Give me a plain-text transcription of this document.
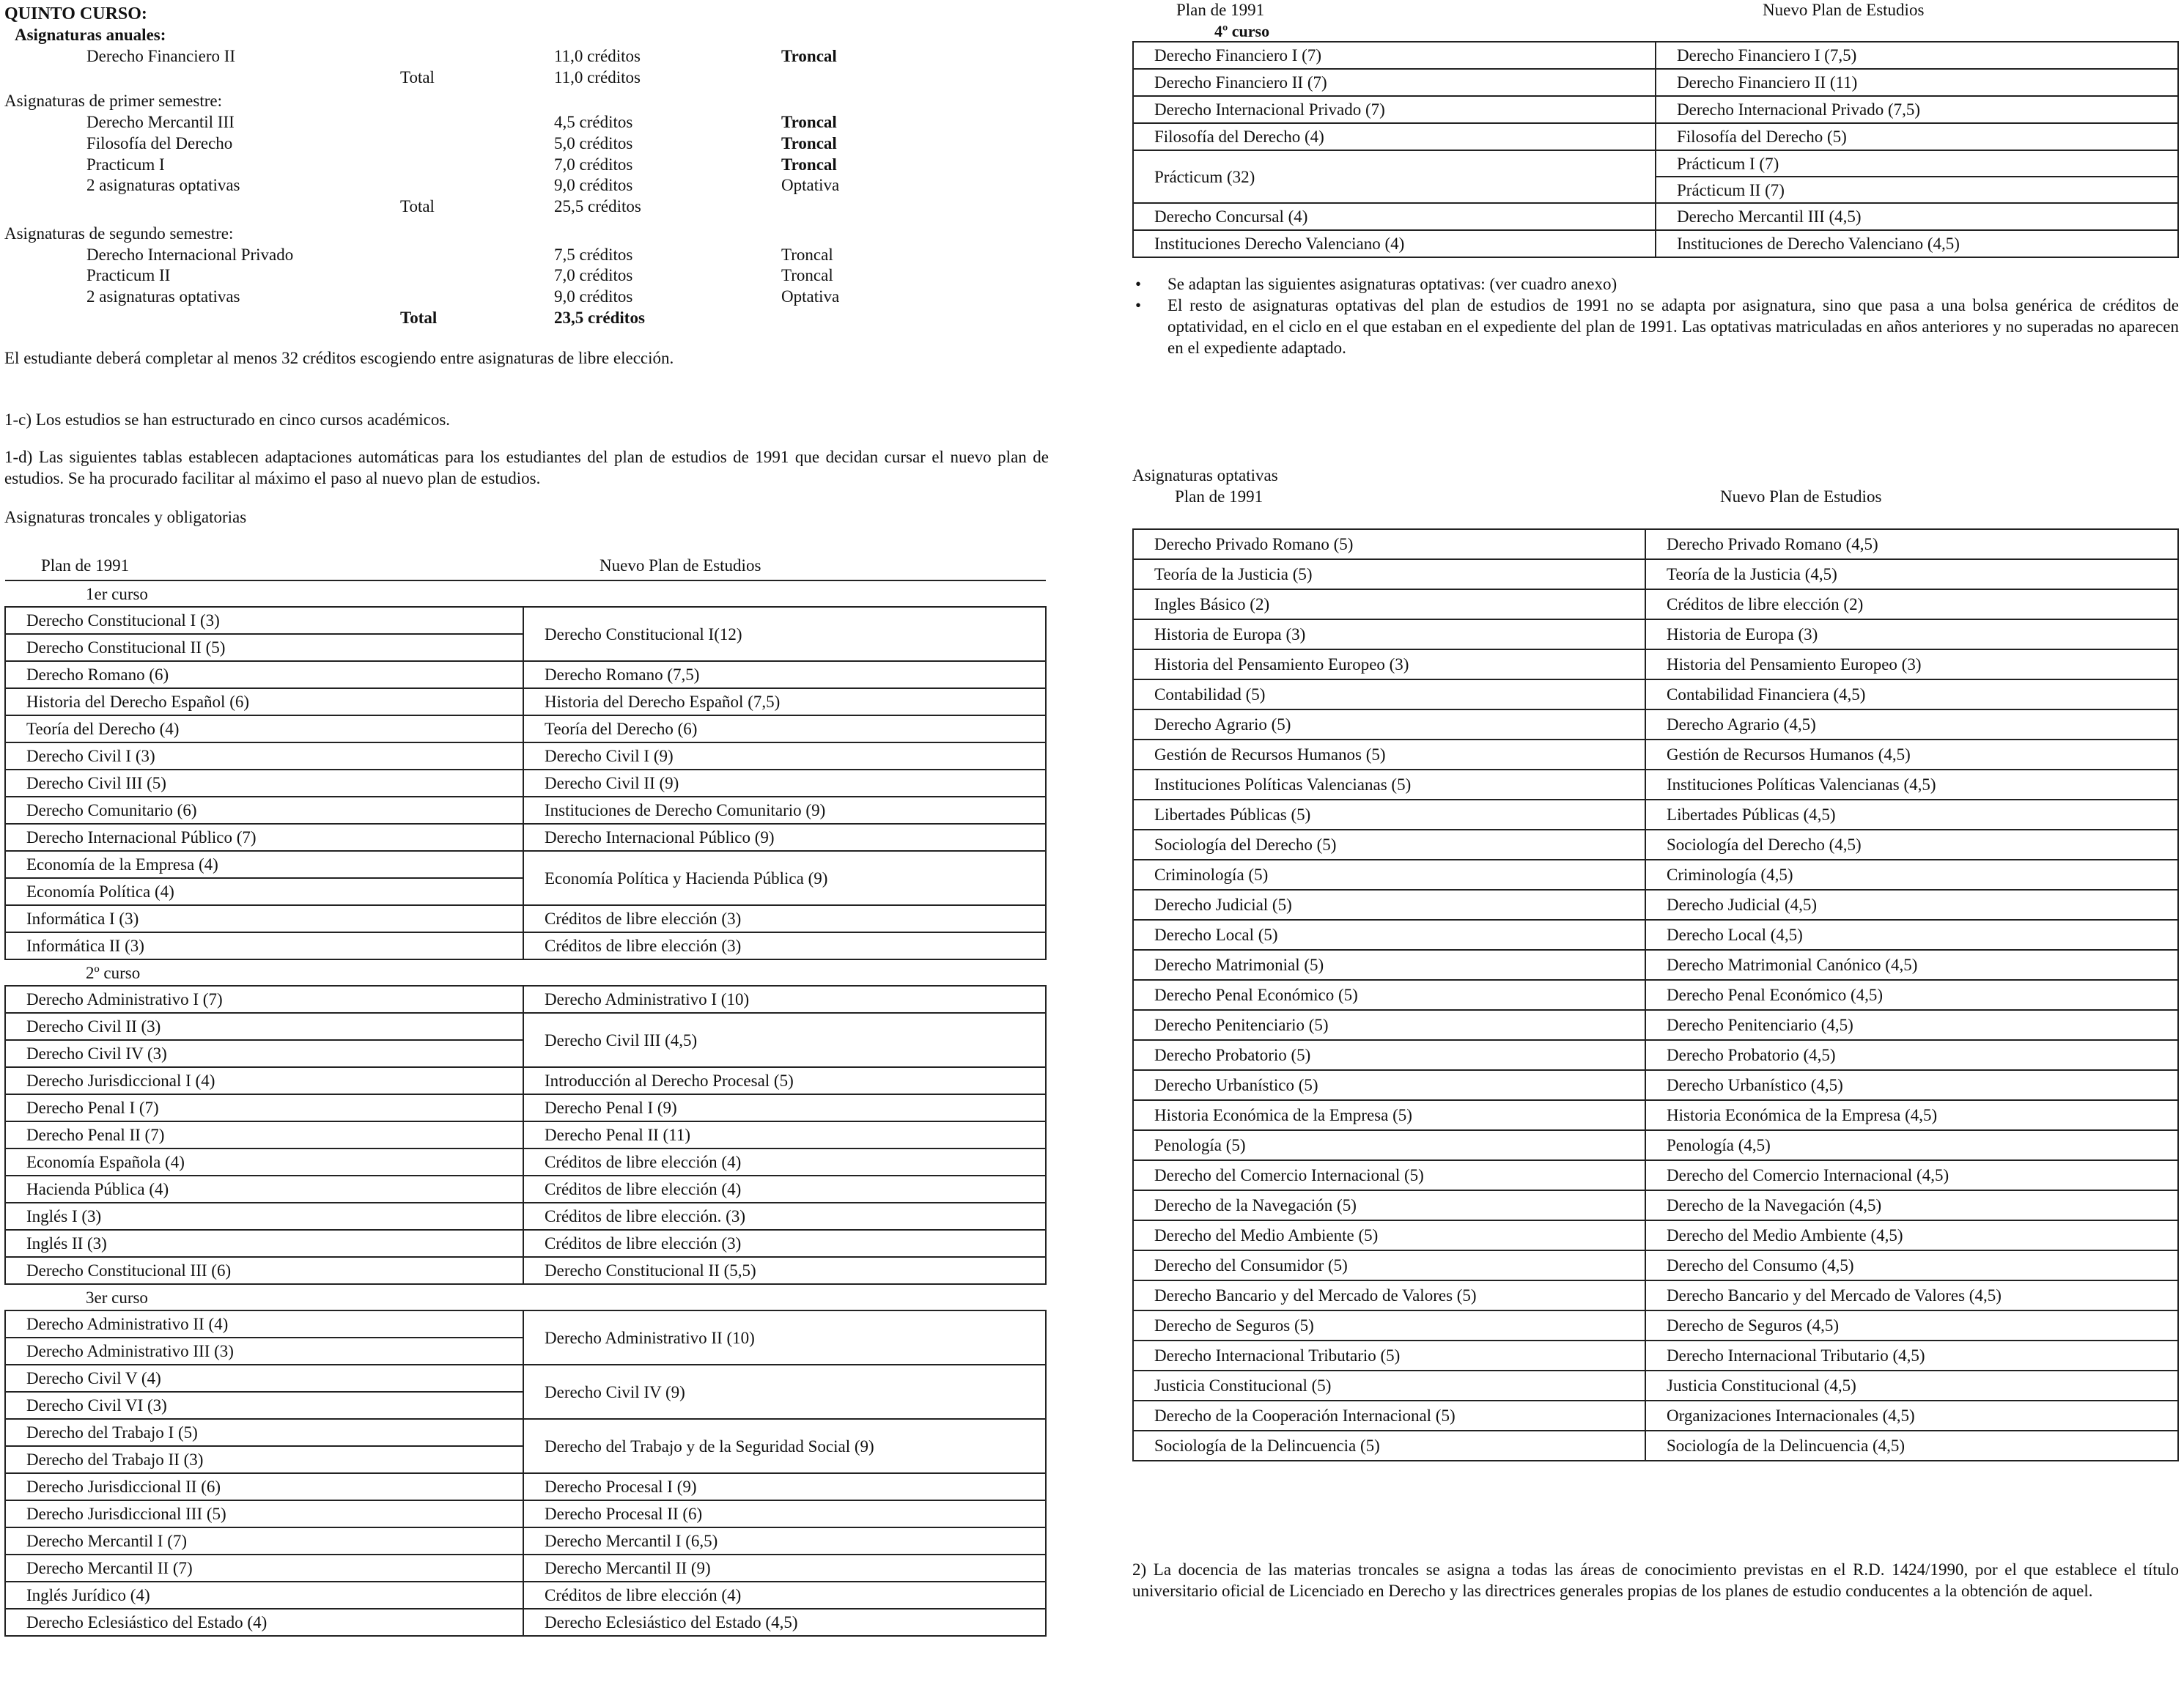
QUINTO CURSO:

Asignaturas anuales:

Derecho Financiero II	11,0 créditos	Troncal
Total	11,0 créditos

Asignaturas de primer semestre:

Derecho Mercantil III	4,5 créditos	Troncal
Filosofía del Derecho	5,0 créditos	Troncal
Practicum I	7,0 créditos	Troncal
2 asignaturas optativas	9,0 créditos	Optativa
Total	25,5 créditos

Asignaturas de segundo semestre:

Derecho Internacional Privado	7,5 créditos	Troncal
Practicum II	7,0 créditos	Troncal
2 asignaturas optativas	9,0 créditos	Optativa
Total	23,5 créditos

El estudiante deberá completar al menos 32 créditos escogiendo entre asignaturas de libre elección.

1-c) Los estudios se han estructurado en cinco cursos académicos.

1-d) Las siguientes tablas establecen adaptaciones automáticas para los estudiantes del plan de estudios de 1991 que decidan cursar el nuevo plan de estudios. Se ha procurado facilitar al máximo el paso al nuevo plan de estudios.

Asignaturas troncales y obligatorias

Plan de 1991	Nuevo Plan de Estudios
1er curso	
Derecho Constitucional I (3)	Derecho Constitucional I(12)
Derecho Constitucional II (5)	
Derecho Romano (6)	Derecho Romano (7,5)
Historia del Derecho Español (6)	Historia del Derecho Español (7,5)
Teoría del Derecho (4)	Teoría del Derecho (6)
Derecho Civil I (3)	Derecho Civil I (9)
Derecho Civil III (5)	Derecho Civil II (9)
Derecho Comunitario (6)	Instituciones de Derecho Comunitario (9)
Derecho Internacional Público (7)	Derecho Internacional Público (9)
Economía de la Empresa (4)	Economía Política y Hacienda Pública (9)
Economía Política (4)	
Informática I (3)	Créditos de libre elección (3)
Informática II (3)	Créditos de libre elección (3)
2º curso	
Derecho Administrativo I (7)	Derecho Administrativo I (10)
Derecho Civil II (3)	Derecho Civil III (4,5)
Derecho Civil IV (3)	
Derecho Jurisdiccional I (4)	Introducción al Derecho Procesal (5)
Derecho Penal I (7)	Derecho Penal I (9)
Derecho Penal II (7)	Derecho Penal II (11)
Economía Española (4)	Créditos de libre elección (4)
Hacienda Pública (4)	Créditos de libre elección (4)
Inglés I (3)	Créditos de libre elección. (3)
Inglés II (3)	Créditos de libre elección (3)
Derecho Constitucional III (6)	Derecho Constitucional II (5,5)
3er curso	
Derecho Administrativo II (4)	Derecho Administrativo II (10)
Derecho Administrativo III (3)	
Derecho Civil V (4)	Derecho Civil IV (9)
Derecho Civil VI (3)	
Derecho del Trabajo I (5)	Derecho del Trabajo y de la Seguridad Social (9)
Derecho del Trabajo II (3)	
Derecho Jurisdiccional II (6)	Derecho Procesal I (9)
Derecho Jurisdiccional III (5)	Derecho Procesal II (6)
Derecho Mercantil I (7)	Derecho Mercantil I (6,5)
Derecho Mercantil II (7)	Derecho Mercantil II (9)
Inglés Jurídico (4)	Créditos de libre elección (4)
Derecho Eclesiástico del Estado (4)	Derecho Eclesiástico del Estado (4,5)
Plan de 1991	Nuevo Plan de Estudios

4º curso

Derecho Financiero I (7)	Derecho Financiero I (7,5)
Derecho Financiero II (7)	Derecho Financiero II (11)
Derecho Internacional Privado (7)	Derecho Internacional Privado (7,5)
Filosofía del Derecho (4)	Filosofía del Derecho (5)
Prácticum (32)	Prácticum I (7)
	Prácticum II (7)
Derecho Concursal (4)	Derecho Mercantil III (4,5)
Instituciones Derecho Valenciano (4)	Instituciones de Derecho Valenciano (4,5)
• Se adaptan las siguientes asignaturas optativas: (ver cuadro anexo)
• El resto de asignaturas optativas del plan de estudios de 1991 no se adapta por asignatura, sino que pasa a una bolsa genérica de créditos de optatividad, en el ciclo en el que estaban en el expediente del plan de 1991. Las optativas matriculadas en años anteriores y no superadas no aparecen en el expediente adaptado.

Asignaturas optativas

Plan de 1991	Nuevo Plan de Estudios
Derecho Privado Romano (5)	Derecho Privado Romano (4,5)
Teoría de la Justicia (5)	Teoría de la Justicia (4,5)
Ingles Básico (2)	Créditos de libre elección (2)
Historia de Europa (3)	Historia de Europa (3)
Historia del Pensamiento Europeo (3)	Historia del Pensamiento Europeo (3)
Contabilidad (5)	Contabilidad Financiera (4,5)
Derecho Agrario (5)	Derecho Agrario (4,5)
Gestión de Recursos Humanos (5)	Gestión de Recursos Humanos (4,5)
Instituciones Políticas Valencianas (5)	Instituciones Políticas Valencianas (4,5)
Libertades Públicas (5)	Libertades Públicas (4,5)
Sociología del Derecho (5)	Sociología del Derecho (4,5)
Criminología (5)	Criminología (4,5)
Derecho Judicial (5)	Derecho Judicial (4,5)
Derecho Local (5)	Derecho Local (4,5)
Derecho Matrimonial (5)	Derecho Matrimonial Canónico (4,5)
Derecho Penal Económico (5)	Derecho Penal Económico (4,5)
Derecho Penitenciario (5)	Derecho Penitenciario (4,5)
Derecho Probatorio (5)	Derecho Probatorio (4,5)
Derecho Urbanístico (5)	Derecho Urbanístico (4,5)
Historia Económica de la Empresa (5)	Historia Económica de la Empresa (4,5)
Penología (5)	Penología (4,5)
Derecho del Comercio Internacional (5)	Derecho del Comercio Internacional (4,5)
Derecho de la Navegación (5)	Derecho de la Navegación (4,5)
Derecho del Medio Ambiente (5)	Derecho del Medio Ambiente (4,5)
Derecho del Consumidor (5)	Derecho del Consumo (4,5)
Derecho Bancario y del Mercado de Valores (5)	Derecho Bancario y del Mercado de Valores (4,5)
Derecho de Seguros (5)	Derecho de Seguros (4,5)
Derecho Internacional Tributario (5)	Derecho Internacional Tributario (4,5)
Justicia Constitucional (5)	Justicia Constitucional (4,5)
Derecho de la Cooperación Internacional (5)	Organizaciones Internacionales (4,5)
Sociología de la Delincuencia (5)	Sociología de la Delincuencia (4,5)

2) La docencia de las materias troncales se asigna a todas las áreas de conocimiento previstas en el R.D. 1424/1990, por el que establece el título universitario oficial de Licenciado en Derecho y las directrices generales propias de los planes de estudio conducentes a la obtención de aquel.
